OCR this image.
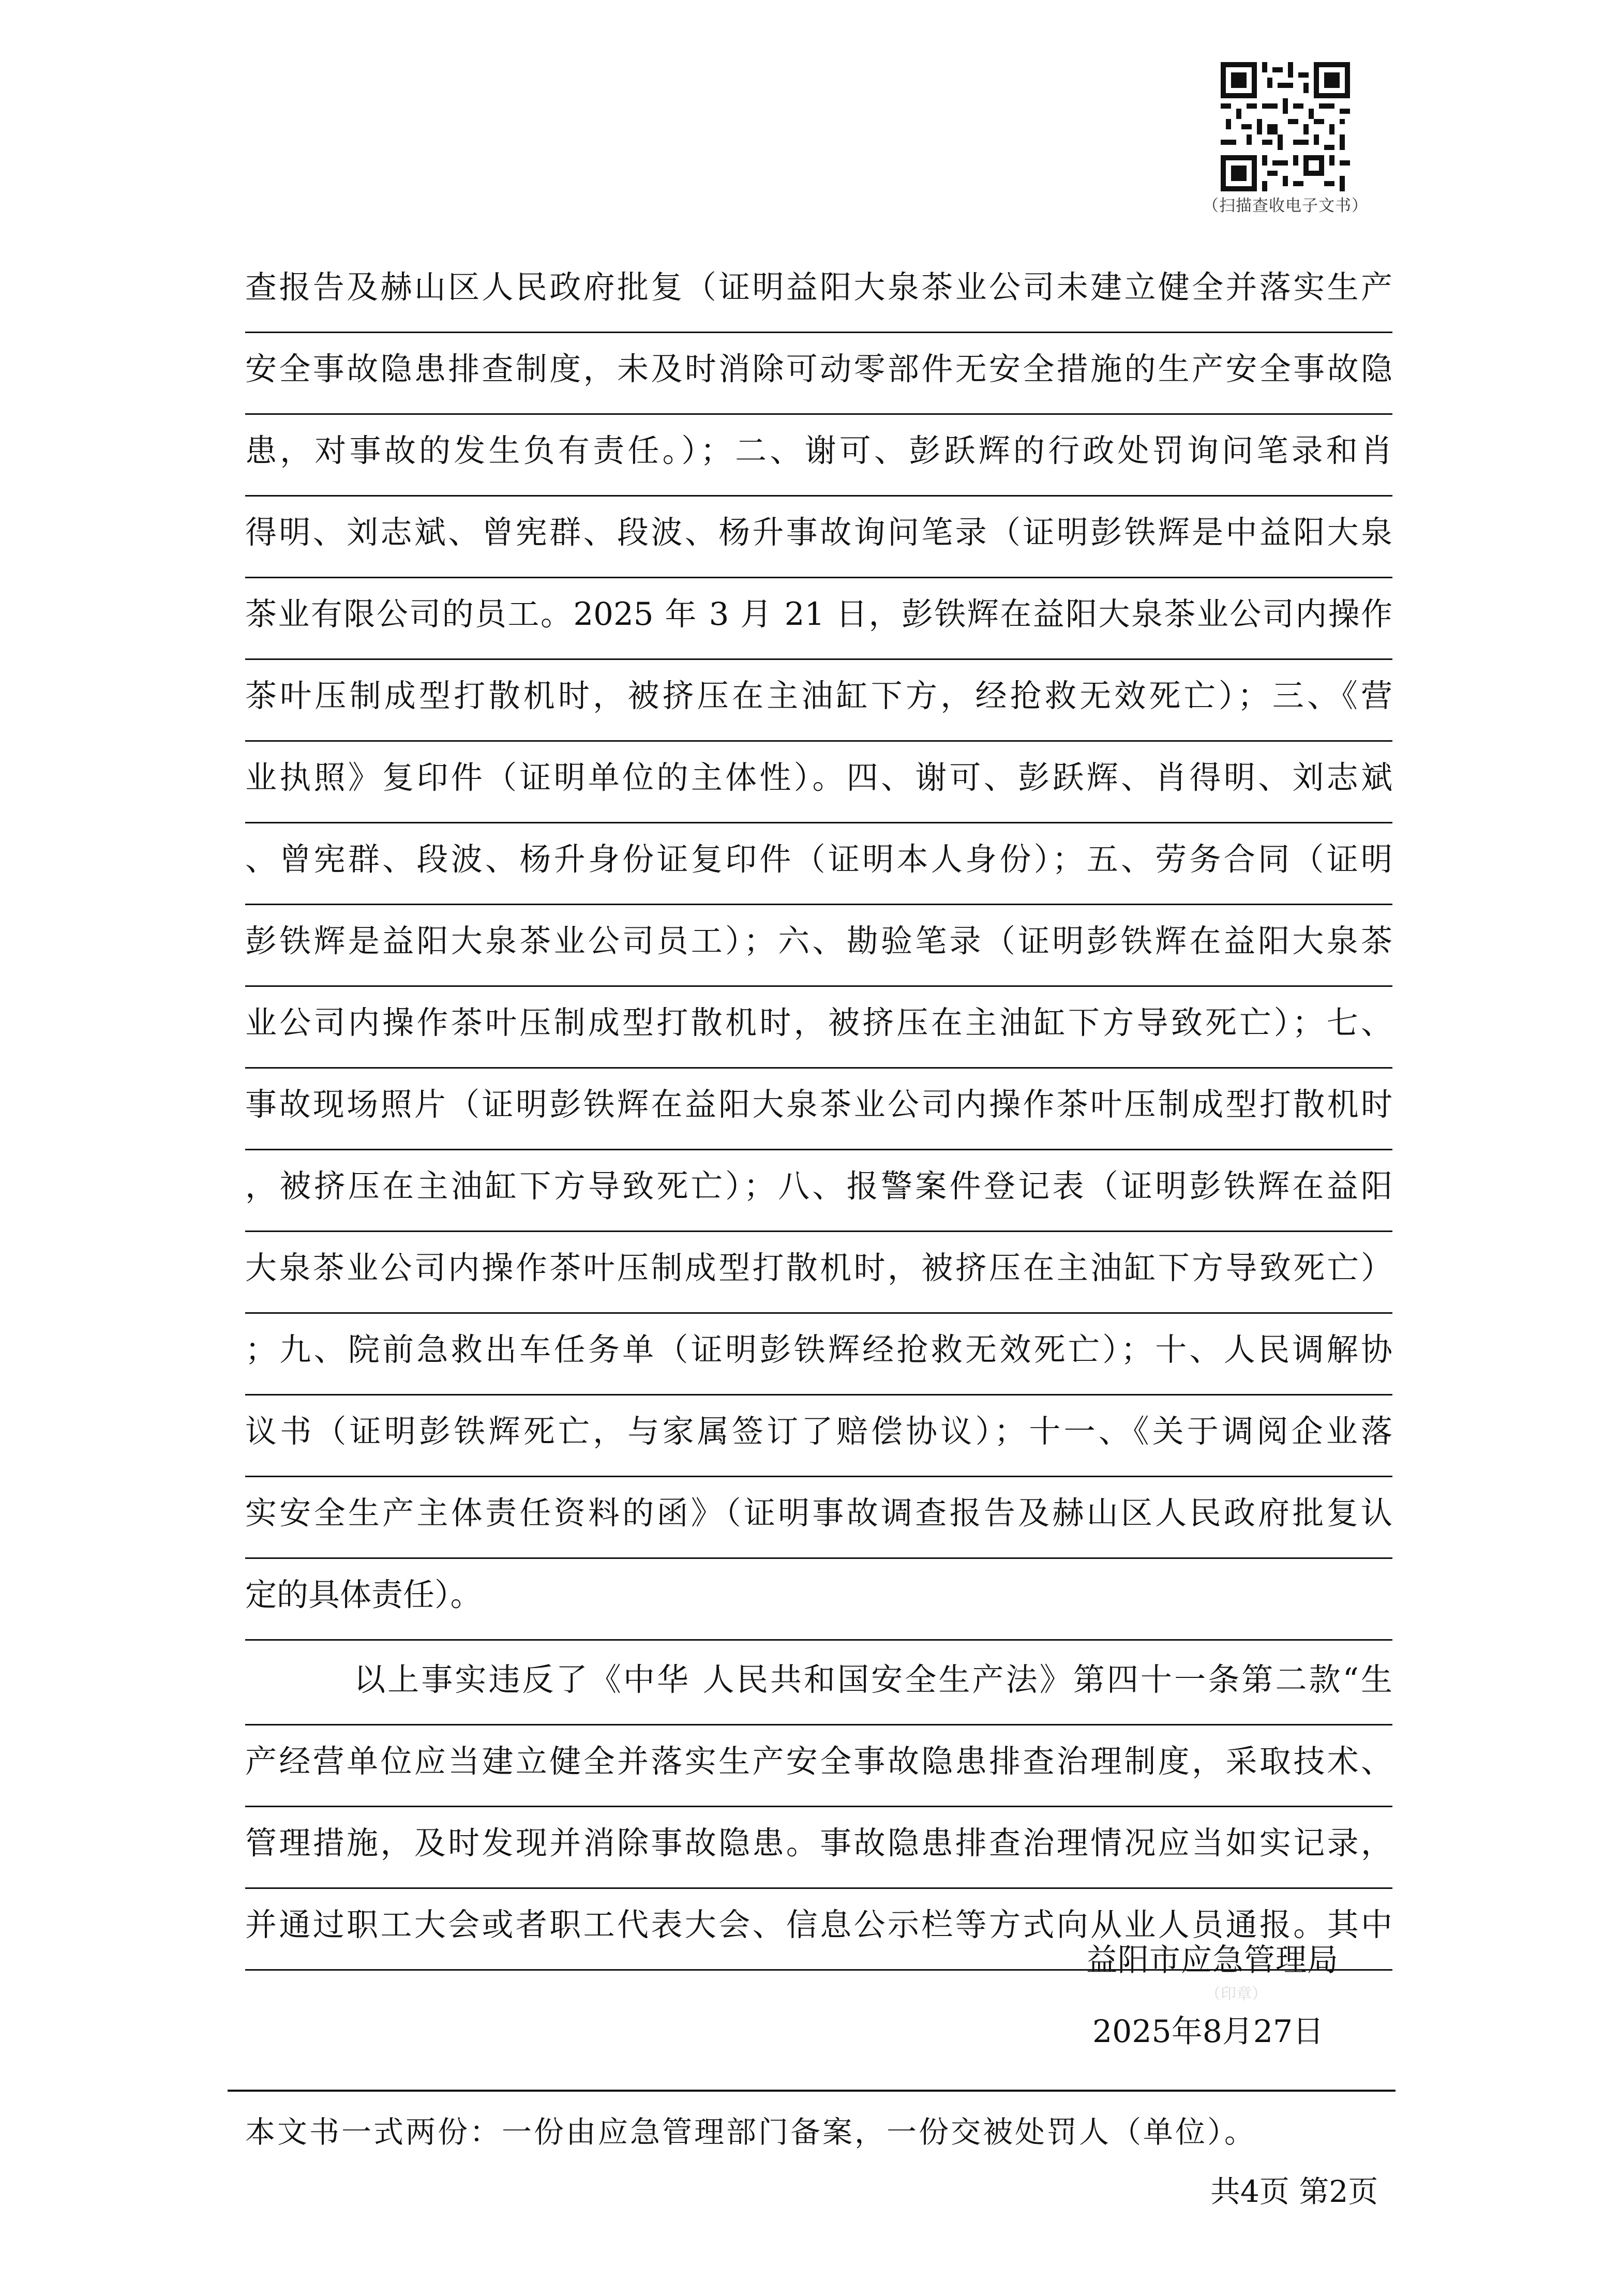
（扫描查收电子文书）
查报告及赫山区人民政府批复（证明益阳大泉茶业公司未建立健全并落实生产
安全事故隐患排查制度，未及时消除可动零部件无安全措施的生产安全事故隐
患，对事故的发生负有责任。）；二、谢可、彭跃辉的行政处罚询问笔录和肖
得明、刘志斌、曾宪群、段波、杨升事故询问笔录（证明彭铁辉是中益阳大泉
茶业有限公司的员工。2025 年 3 月 21 日，彭铁辉在益阳大泉茶业公司内操作
茶叶压制成型打散机时，被挤压在主油缸下方，经抢救无效死亡）；三、《营
业执照》复印件（证明单位的主体性）。四、谢可、彭跃辉、肖得明、刘志斌
、曾宪群、段波、杨升身份证复印件（证明本人身份）；五、劳务合同（证明
彭铁辉是益阳大泉茶业公司员工）；六、勘验笔录（证明彭铁辉在益阳大泉茶
业公司内操作茶叶压制成型打散机时，被挤压在主油缸下方导致死亡）；七、
事故现场照片（证明彭铁辉在益阳大泉茶业公司内操作茶叶压制成型打散机时
，被挤压在主油缸下方导致死亡）；八、报警案件登记表（证明彭铁辉在益阳
大泉茶业公司内操作茶叶压制成型打散机时，被挤压在主油缸下方导致死亡）
；九、院前急救出车任务单（证明彭铁辉经抢救无效死亡）；十、人民调解协
议书（证明彭铁辉死亡，与家属签订了赔偿协议）；十一、《关于调阅企业落
实安全生产主体责任资料的函》（证明事故调查报告及赫山区人民政府批复认
定的具体责任）。
以上事实违反了《中华 人民共和国安全生产法》第四十一条第二款“生
产经营单位应当建立健全并落实生产安全事故隐患排查治理制度，采取技术、
管理措施，及时发现并消除事故隐患。事故隐患排查治理情况应当如实记录，
并通过职工大会或者职工代表大会、信息公示栏等方式向从业人员通报。其中
益阳市应急管理局
（印章）
2025年8月27日
本文书一式两份：一份由应急管理部门备案，一份交被处罚人（单位）。
共4页 第2页
